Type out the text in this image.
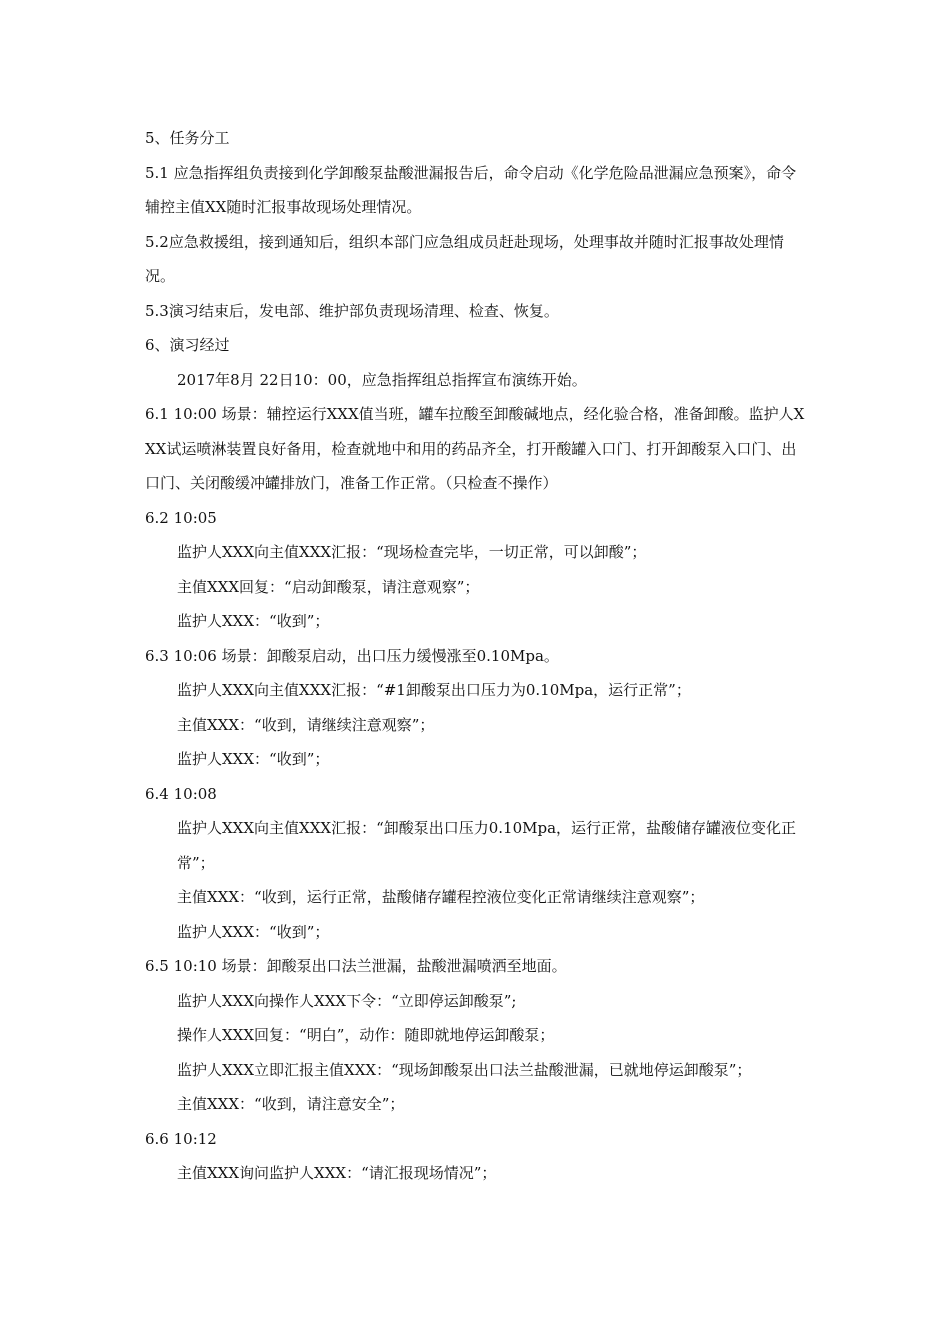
5、任务分工

5.1 应急指挥组负责接到化学卸酸泵盐酸泄漏报告后，命令启动《化学危险品泄漏应急预案》，命令辅控主值XX随时汇报事故现场处理情况。

5.2应急救援组，接到通知后，组织本部门应急组成员赶赴现场，处理事故并随时汇报事故处理情况。

5.3演习结束后，发电部、维护部负责现场清理、检查、恢复。

6、演习经过

2017年8月 22日10：00，应急指挥组总指挥宣布演练开始。

6.1 10:00 场景：辅控运行XXX值当班，罐车拉酸至卸酸碱地点，经化验合格，准备卸酸。监护人XXX试运喷淋装置良好备用，检查就地中和用的药品齐全，打开酸罐入口门、打开卸酸泵入口门、出口门、关闭酸缓冲罐排放门，准备工作正常。（只检查不操作）

6.2 10:05

监护人XXX向主值XXX汇报：“现场检查完毕，一切正常，可以卸酸”；

主值XXX回复：“启动卸酸泵，请注意观察”；

监护人XXX：“收到”；

6.3 10:06 场景：卸酸泵启动，出口压力缓慢涨至0.10Mpa。

监护人XXX向主值XXX汇报：“#1卸酸泵出口压力为0.10Mpa，运行正常”；

主值XXX：“收到，请继续注意观察”；

监护人XXX：“收到”；

6.4 10:08

监护人XXX向主值XXX汇报：“卸酸泵出口压力0.10Mpa，运行正常，盐酸储存罐液位变化正常”；

主值XXX：“收到，运行正常，盐酸储存罐程控液位变化正常请继续注意观察”；

监护人XXX：“收到”；

6.5 10:10 场景：卸酸泵出口法兰泄漏，盐酸泄漏喷洒至地面。

监护人XXX向操作人XXX下令：“立即停运卸酸泵”;

操作人XXX回复：“明白”，动作：随即就地停运卸酸泵；

监护人XXX立即汇报主值XXX：“现场卸酸泵出口法兰盐酸泄漏，已就地停运卸酸泵”；

主值XXX：“收到，请注意安全”；

6.6 10:12

主值XXX询问监护人XXX：“请汇报现场情况”；
